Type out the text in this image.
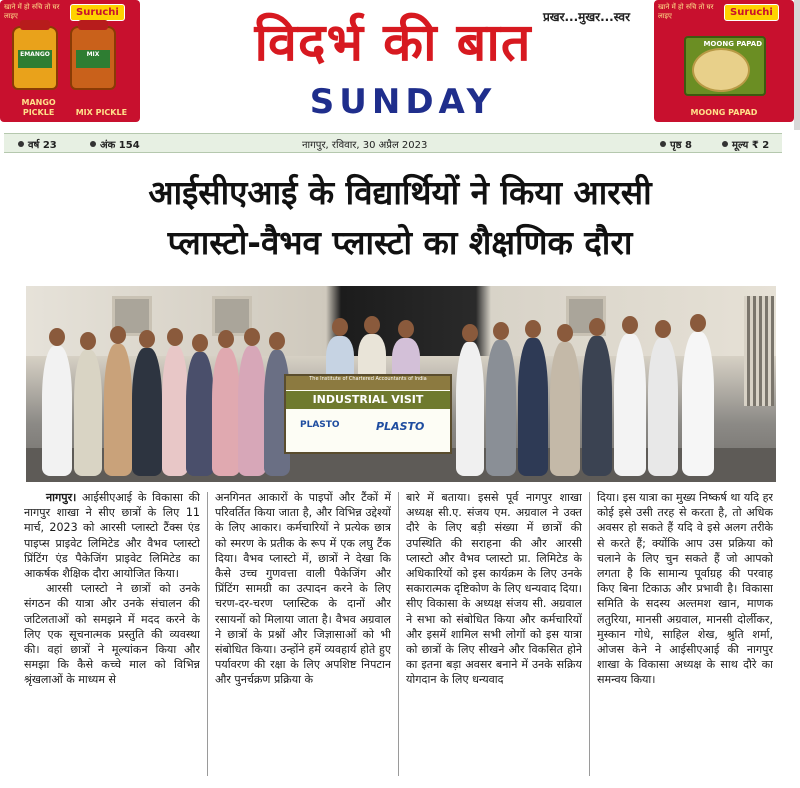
खाने में हो रुचि तो घर लाइए	Suruchi
EMANGO	MIX
MANGO PICKLE	MIX PICKLE
प्रखर...मुखर...स्वर
विदर्भ की बात
SUNDAY
खाने में हो रुचि तो घर लाइए	Suruchi
MOONG PAPAD
MOONG PAPAD
वर्ष 23	अंक 154	नागपुर, रविवार, 30 अप्रैल 2023	पृष्ठ 8	मूल्य ₹ 2
आईसीएआई के विद्यार्थियों ने किया आरसी
प्लास्टो-वैभव प्लास्टो का शैक्षणिक दौरा
The Institute of Chartered Accountants of India
INDUSTRIAL VISIT
PLASTO	PLASTO

नागपुर। आईसीएआई के विकासा की नागपुर शाखा ने सीए छात्रों के लिए 11 मार्च, 2023 को आरसी प्लास्टो टैंक्स एंड पाइप्स प्राइवेट लिमिटेड और वैभव प्लास्टो प्रिंटिंग एंड पैकेजिंग प्राइवेट लिमिटेड का आकर्षक शैक्षिक दौरा आयोजित किया।

आरसी प्लास्टो ने छात्रों को उनके संगठन की यात्रा और उनके संचालन की जटिलताओं को समझने में मदद करने के लिए एक सूचनात्मक प्रस्तुति की व्यवस्था की। वहां छात्रों ने मूल्यांकन किया और समझा कि कैसे कच्चे माल को विभिन्न श्रृंखलाओं के माध्यम से

अनगिनत आकारों के पाइपों और टैंकों में परिवर्तित किया जाता है, और विभिन्न उद्देश्यों के लिए आकार। कर्मचारियों ने प्रत्येक छात्र को स्मरण के प्रतीक के रूप में एक लघु टैंक दिया। वैभव प्लास्टो में, छात्रों ने देखा कि कैसे उच्च गुणवत्ता वाली पैकेजिंग और प्रिंटिंग सामग्री का उत्पादन करने के लिए चरण-दर-चरण प्लास्टिक के दानों और रसायनों को मिलाया जाता है। वैभव अग्रवाल ने छात्रों के प्रश्नों और जिज्ञासाओं को भी संबोधित किया। उन्होंने हमें व्यवहार्य होते हुए पर्यावरण की रक्षा के लिए अपशिष्ट निपटान और पुनर्चक्रण प्रक्रिया के

बारे में बताया। इससे पूर्व नागपुर शाखा अध्यक्ष सी.ए. संजय एम. अग्रवाल ने उक्त दौरे के लिए बड़ी संख्या में छात्रों की उपस्थिति की सराहना की और आरसी प्लास्टो और वैभव प्लास्टो प्रा. लिमिटेड के अधिकारियों को इस कार्यक्रम के लिए उनके सकारात्मक दृष्टिकोण के लिए धन्यवाद दिया। सीए विकासा के अध्यक्ष संजय सी. अग्रवाल ने सभा को संबोधित किया और कर्मचारियों और इसमें शामिल सभी लोगों को इस यात्रा को छात्रों के लिए सीखने और विकसित होने का इतना बड़ा अवसर बनाने में उनके सक्रिय योगदान के लिए धन्यवाद

दिया। इस यात्रा का मुख्य निष्कर्ष था यदि हर कोई इसे उसी तरह से करता है, तो अधिक अवसर हो सकते हैं यदि वे इसे अलग तरीके से करते हैं; क्योंकि आप उस प्रक्रिया को चलाने के लिए चुन सकते हैं जो आपको लगता है कि सामान्य पूर्वाग्रह की परवाह किए बिना टिकाऊ और प्रभावी है। विकासा समिति के सदस्य अल्तमश खान, माणक लतुरिया, मानसी अग्रवाल, मानसी दोर्लीकर, मुस्कान गोधे, साहिल शेख, श्रुति शर्मा, ओजस केने ने आईसीएआई की नागपुर शाखा के विकासा अध्यक्ष के साथ दौरे का समन्वय किया।
